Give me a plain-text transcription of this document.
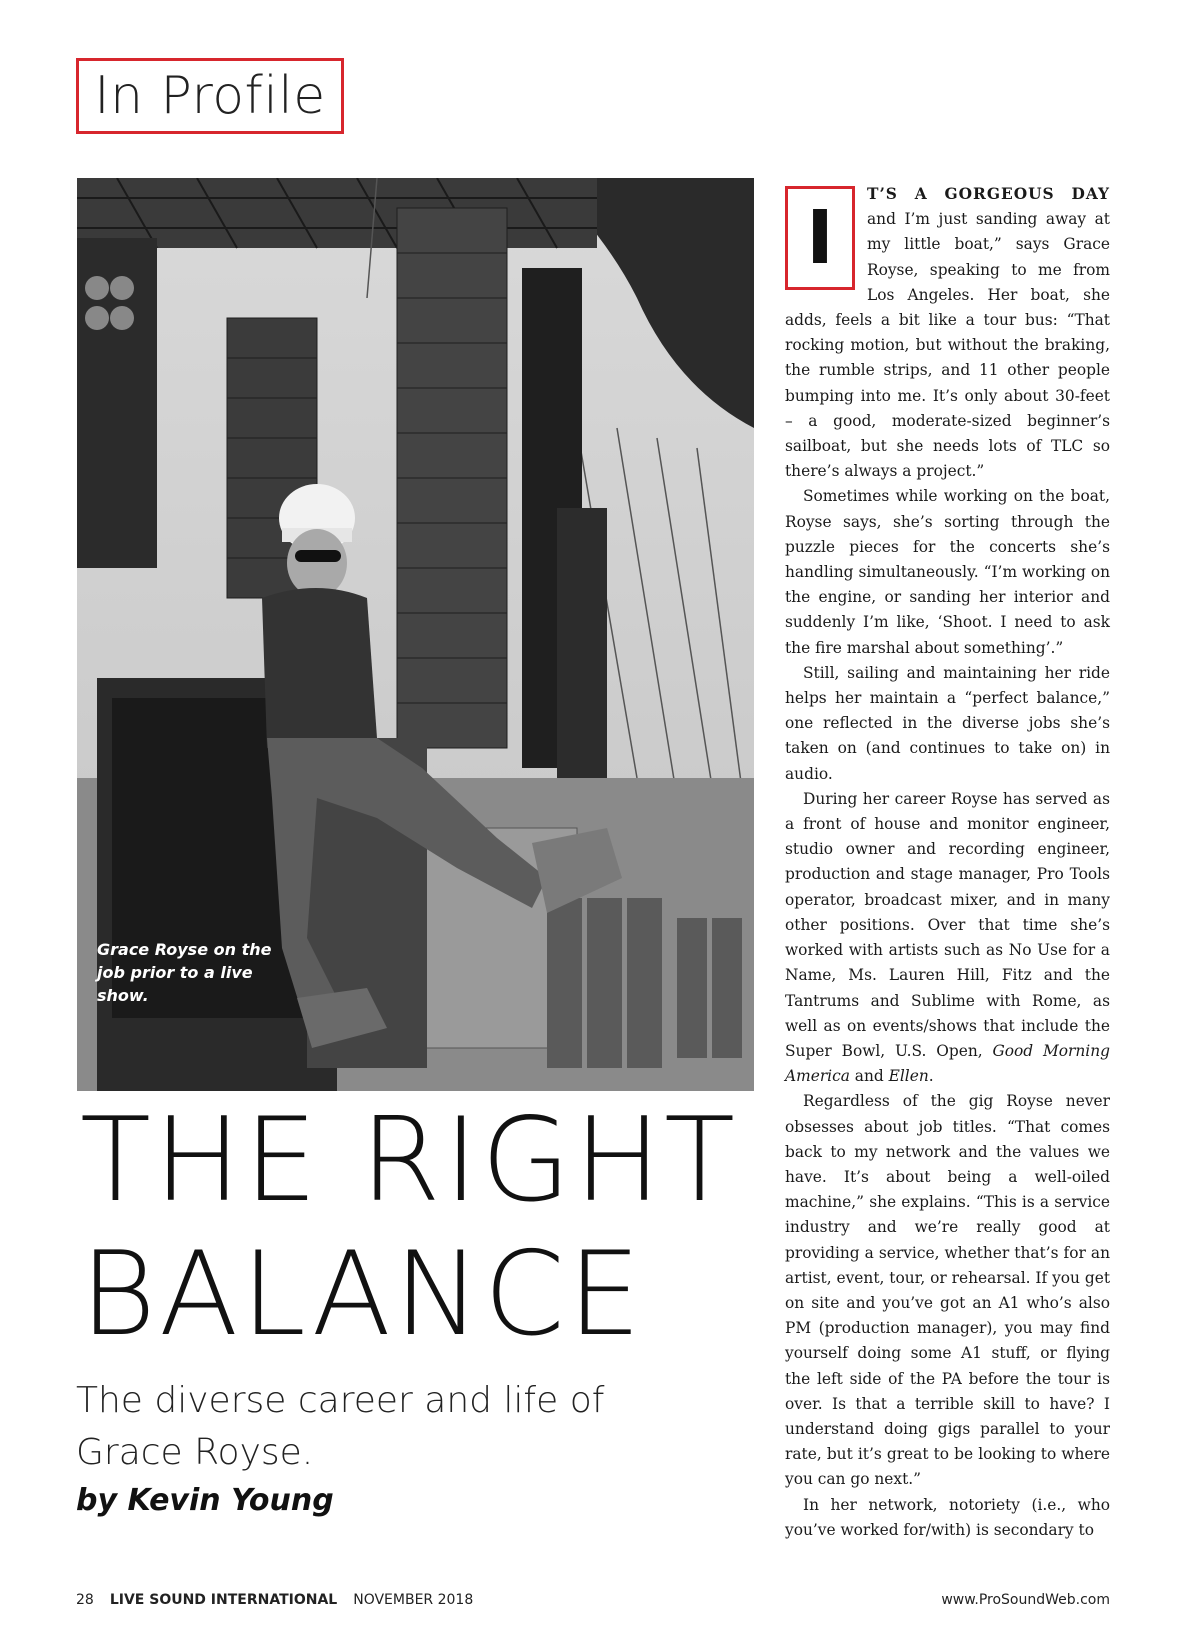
In Profile
Grace Royse on the job prior to a live show.
THE RIGHT
BALANCE
The diverse career and life of Grace Royse.
by Kevin Young

I
T’S A GORGEOUS DAY and I’m just sanding away at my little boat,” says Grace Royse, speaking to me from Los Angeles. Her boat, she adds, feels a bit like a tour bus: “That rocking motion, but without the braking, the rumble strips, and 11 other people bumping into me. It’s only about 30-feet – a good, moderate-sized beginner’s sailboat, but she needs lots of TLC so there’s always a project.”

Sometimes while working on the boat, Royse says, she’s sorting through the puzzle pieces for the concerts she’s handling simultaneously. “I’m working on the engine, or sanding her interior and suddenly I’m like, ‘Shoot. I need to ask the fire marshal about something’.”

Still, sailing and maintaining her ride helps her maintain a “perfect balance,” one reflected in the diverse jobs she’s taken on (and continues to take on) in audio.

During her career Royse has served as a front of house and monitor engineer, studio owner and recording engineer, production and stage manager, Pro Tools operator, broadcast mixer, and in many other positions. Over that time she’s worked with artists such as No Use for a Name, Ms. Lauren Hill, Fitz and the Tantrums and Sublime with Rome, as well as on events/shows that include the Super Bowl, U.S. Open, Good Morning America and Ellen.

Regardless of the gig Royse never obsesses about job titles. “That comes back to my network and the values we have. It’s about being a well-oiled machine,” she explains. “This is a service industry and we’re really good at providing a service, whether that’s for an artist, event, tour, or rehearsal. If you get on site and you’ve got an A1 who’s also PM (production manager), you may find yourself doing some A1 stuff, or flying the left side of the PA before the tour is over. Is that a terrible skill to have? I understand doing gigs parallel to your rate, but it’s great to be looking to where you can go next.”

In her network, notoriety (i.e., who you’ve worked for/with) is secondary to

28 LIVE SOUND INTERNATIONAL NOVEMBER 2018	www.ProSoundWeb.com
